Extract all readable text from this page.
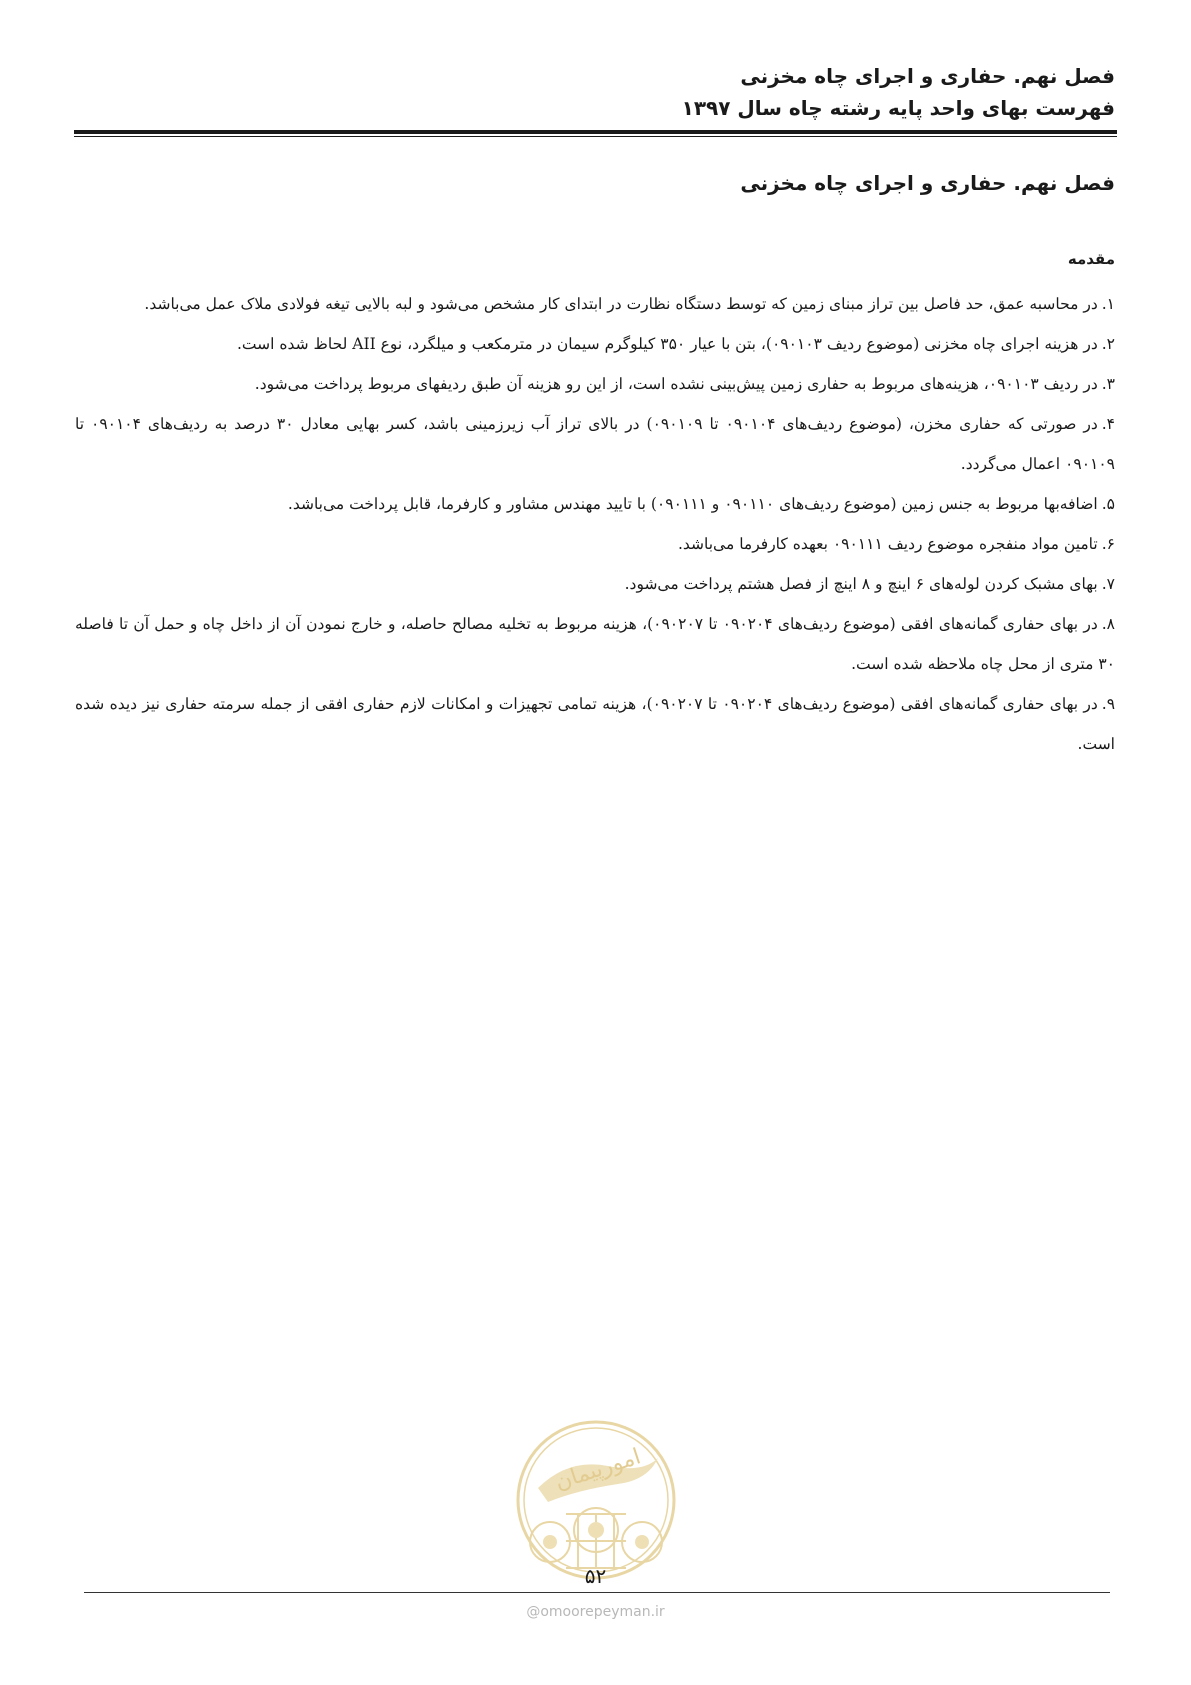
فصل نهم. حفاری و اجرای چاه مخزنی
فهرست بهای واحد پایه رشته چاه سال ۱۳۹۷
فصل نهم. حفاری و اجرای چاه مخزنی
مقدمه
۱.در محاسبه عمق، حد فاصل بین تراز مبنای زمین که توسط دستگاه نظارت در ابتدای کار مشخص می‌شود و لبه بالایی تیغه فولادی ملاک عمل می‌باشد.
۲.در هزینه اجرای چاه مخزنی (موضوع ردیف ۰۹۰۱۰۳)، بتن با عیار ۳۵۰ کیلوگرم سیمان در مترمکعب و میلگرد، نوع AII لحاظ شده است.
۳.در ردیف ۰۹۰۱۰۳، هزینه‌های مربوط به حفاری زمین پیش‌بینی نشده است، از این رو هزینه آن طبق ردیفهای مربوط پرداخت می‌شود.
۴.در صورتی که حفاری مخزن، (موضوع ردیف‌های ۰۹۰۱۰۴ تا ۰۹۰۱۰۹) در بالای تراز آب زیرزمینی باشد، کسر بهایی معادل ۳۰ درصد به ردیف‌های ۰۹۰۱۰۴ تا ۰۹۰۱۰۹ اعمال می‌گردد.
۵.اضافه‌بها مربوط به جنس زمین (موضوع ردیف‌های ۰۹۰۱۱۰ و ۰۹۰۱۱۱) با تایید مهندس مشاور و کارفرما، قابل پرداخت می‌باشد.
۶.تامین مواد منفجره موضوع ردیف ۰۹۰۱۱۱ بعهده کارفرما می‌باشد.
۷.بهای مشبک کردن لوله‌های ۶ اینچ و ۸ اینچ از فصل هشتم پرداخت می‌شود.
۸.در بهای حفاری گمانه‌های افقی (موضوع ردیف‌های ۰۹۰۲۰۴ تا ۰۹۰۲۰۷)، هزینه مربوط به تخلیه مصالح حاصله، و خارج نمودن آن از داخل چاه و حمل آن تا فاصله ۳۰ متری از محل چاه ملاحظه شده است.
۹.در بهای حفاری گمانه‌های افقی (موضوع ردیف‌های ۰۹۰۲۰۴ تا ۰۹۰۲۰۷)، هزینه تمامی تجهیزات و امکانات لازم حفاری افقی از جمله سرمته حفاری نیز دیده شده است.
امورپیمان
۵۲
@omoorepeyman.ir
